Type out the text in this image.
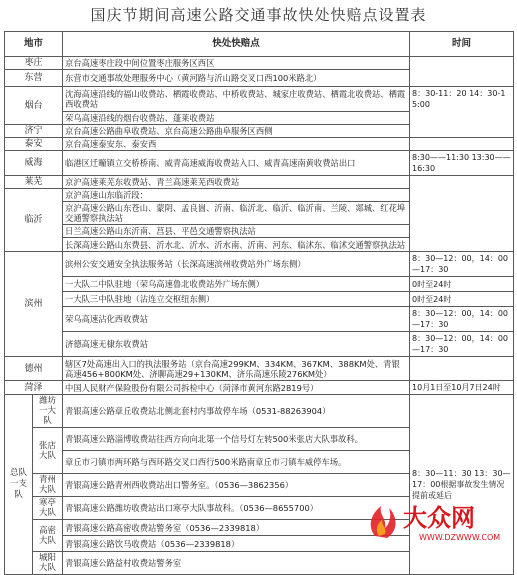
国庆节期间高速公路交通事故快处快赔点设置表
地市		快处快赔点	时间
枣庄		京台高速枣庄段中间位置枣庄服务区西区	
东营		东营市交通事故处理服务中心（黄河路与沂山路交叉口西100米路北）	
烟台		沈海高速沿线的福山收费站、栖霞收费站、中桥收费站、城家庄收费站、栖霞北收费站、栖霞西收费站	8：30-11：20 14：30-15:00
		荣乌高速沿线的烟台收费站、蓬莱收费站	
济宁		京台高速公路曲阜收费站、京台高速公路曲阜服务区西侧	
泰安		京台高速泰安东、泰安西	
威海		临港区迁疃镇立交桥桥南、威青高速威海收费站入口、威青高速南黄收费站出口	8:30——11:30 13:30——16:30
莱芜		京沪高速莱芜东收费站、青兰高速莱芜西收费站	
临沂		京沪高速山东临沂段：	
		京沪高速公路山东苍山、蒙阴、孟良崮、沂南、临沂北、临沂、临沂南、兰陵、郯城、红花埠交通警察执法站	
		日兰高速公路山东沂南、莒县、平邑交通警察执法站	
		长深高速公路山东费县、沂水北、沂水、沂水南、沂南、河东、临沭东、临沭交通警察执法站	
滨州		滨州公安交通安全执法服务站（长深高速滨州收费站外广场东侧）	8：30—12：00，14：00—17：30
		一大队二中队驻地（荣乌高速鲁北收费站外广场东侧）	0时至24时
		一大队三中队驻地（沾连立交枢纽东侧）	0时至24时
		荣乌高速沾化西收费站	8：30—12：00，14：00—17：30
		济德高速无棣东收费站	8：30—12：00，14：00—17：30
德州		辖区7处高速出入口的执法服务站（京台高速299KM、334KM、367KM、388KM处、青银高速456+800KM处、济聊高速29+130KM、济乐高速乐陵276KM处）	
菏泽		中国人民财产保险股份有限公司拆检中心（菏泽市黄河东路2819号）	10月1日至10月7日24时
总队一支队	潍坊一大队	青银高速公路章丘收费站北侧北套村内事故停车场（0531-88263904）	8：30—11：30 13：30—17：00根据事故发生情况提前或延后
	张店大队	青银高速公路淄博收费站往西方向向北第一个信号灯左转500米张店大队事故科。	
		章丘市刁镇市两环路与西环路交叉口西行500米路南章丘市刁镇车威停车场。	
	青州大队	青银高速公路青州西收费站出口警务室。（0536—3862356）	
	寒亭大队	青银高速公路潍坊收费站出口寒亭大队事故科。（0536—8655700）	
	高密大队	青银高速公路高密收费站警务室（0536—2339818）	
		青银高速公路饮马收费站（0536—2339818）	
	城阳大队	青银高速公路益村收费站警务室	
大众网
WWW.DZWWW.COM
